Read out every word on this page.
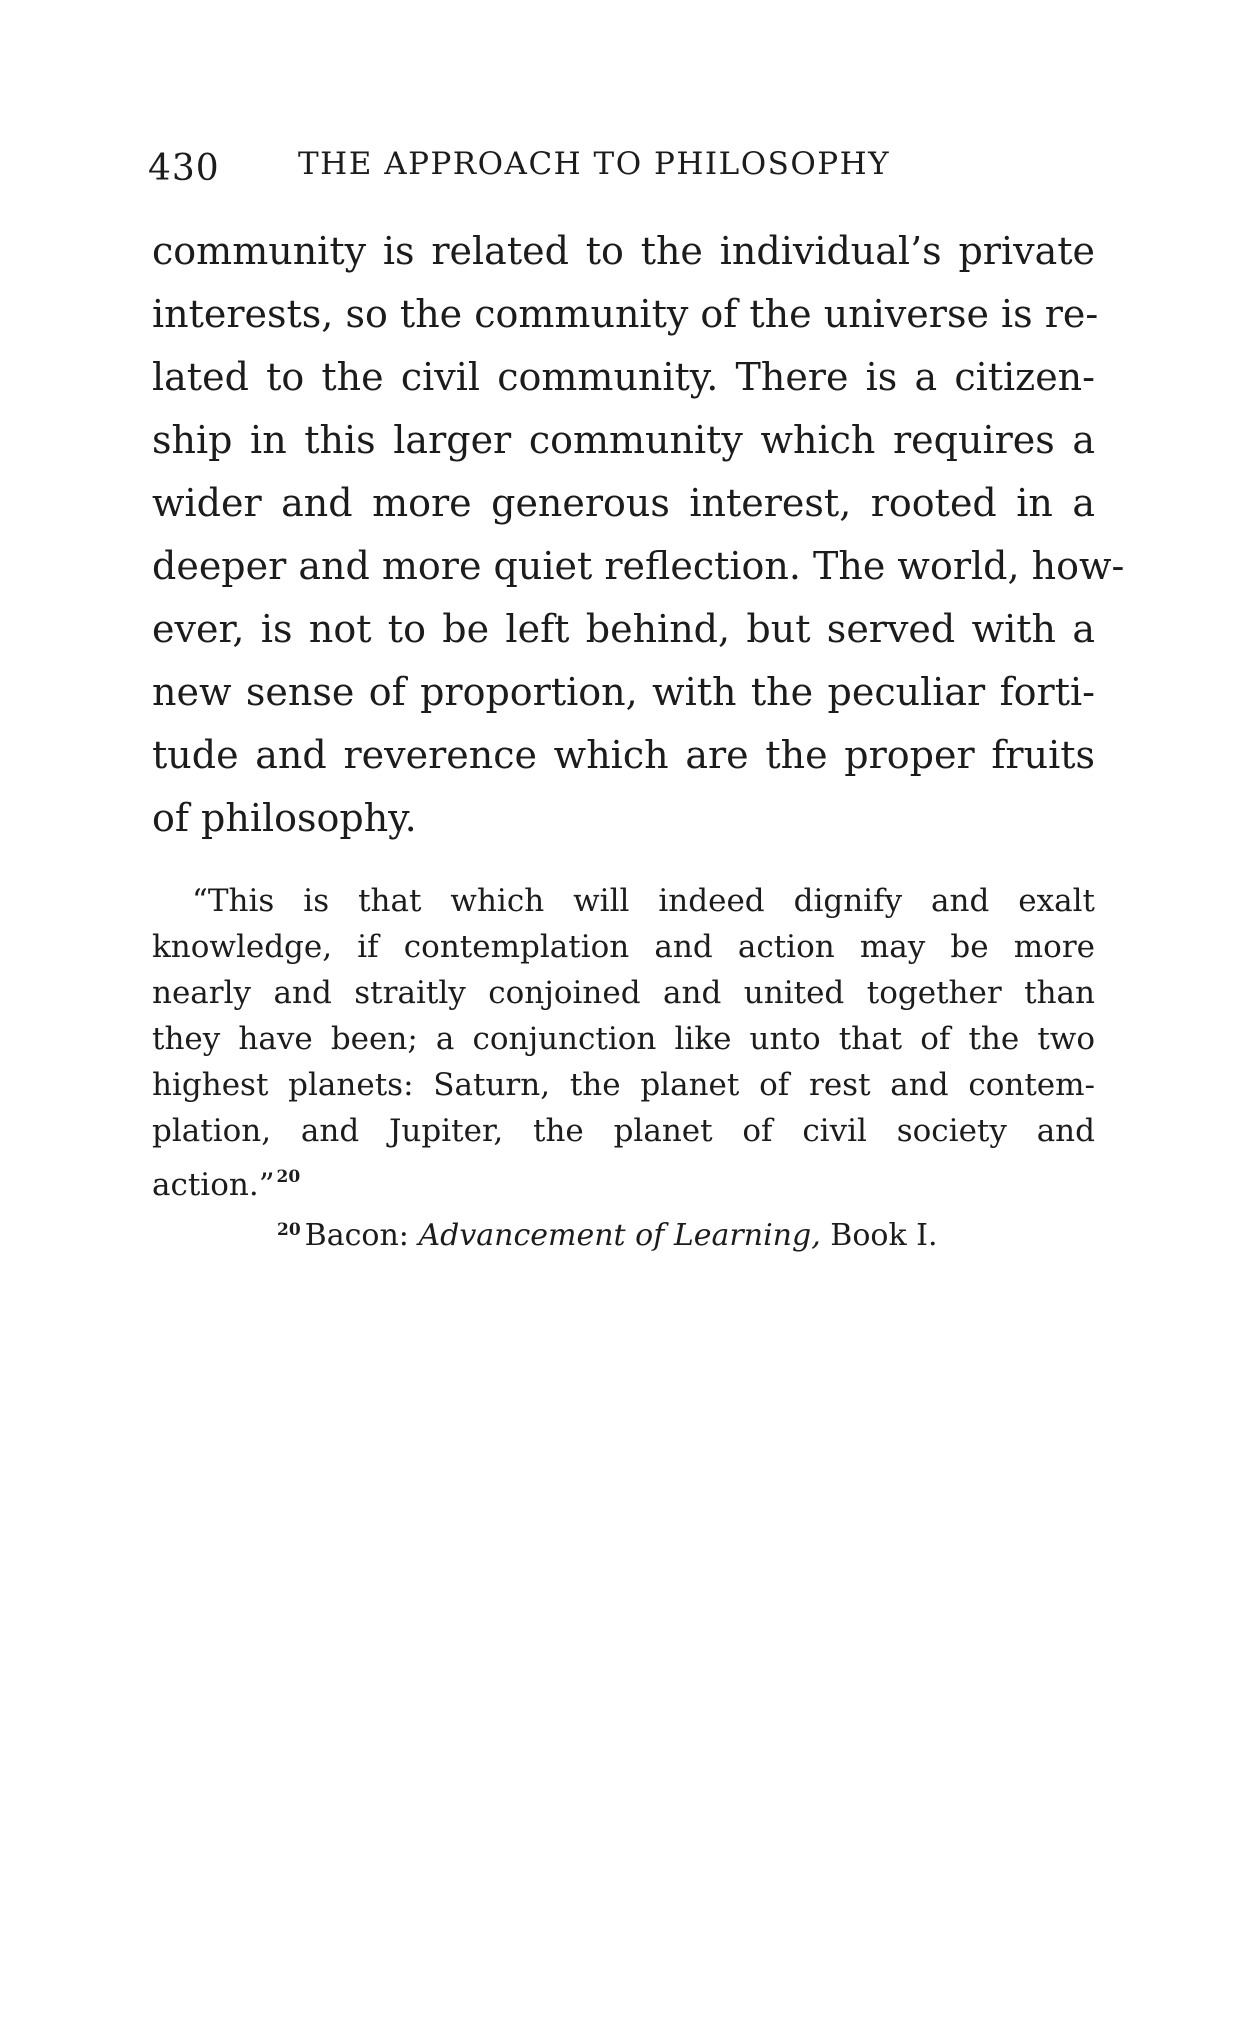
430	THE APPROACH TO PHILOSOPHY

community is related to the individual’s private
interests, so the community of the universe is re-
lated to the civil community. There is a citizen-
ship in this larger community which requires a
wider and more generous interest, rooted in a
deeper and more quiet reflection. The world, how-
ever, is not to be left behind, but served with a
new sense of proportion, with the peculiar forti-
tude and reverence which are the proper fruits
of philosophy.

“This is that which will indeed dignify and exalt
knowledge, if contemplation and action may be more
nearly and straitly conjoined and united together than
they have been; a conjunction like unto that of the two
highest planets: Saturn, the planet of rest and contem-
plation, and Jupiter, the planet of civil society and
action.” $^{20}$

$^{20}$ Bacon: Advancement of Learning, Book I.
